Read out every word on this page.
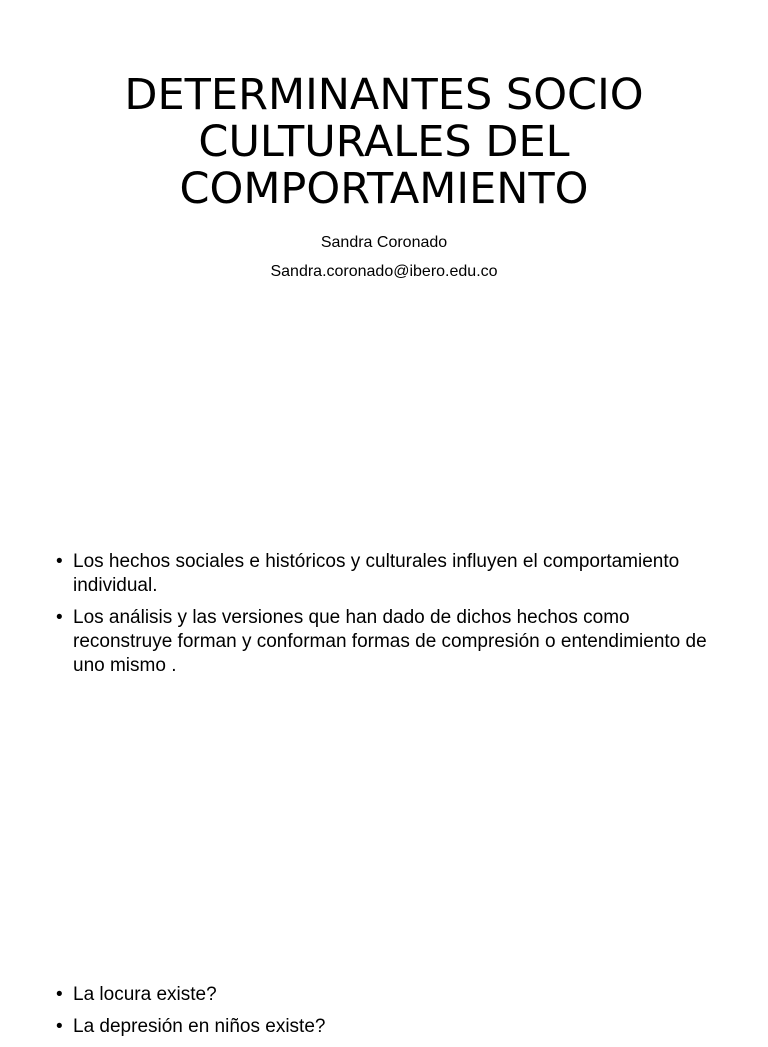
DETERMINANTES SOCIO
CULTURALES DEL
COMPORTAMIENTO
Sandra Coronado
Sandra.coronado@ibero.edu.co
• Los hechos sociales e históricos y culturales influyen el comportamiento individual.
• Los análisis y las versiones que han dado de dichos hechos como reconstruye forman y conforman formas de compresión o entendimiento de uno mismo .
• La locura existe?
• La depresión en niños existe?
